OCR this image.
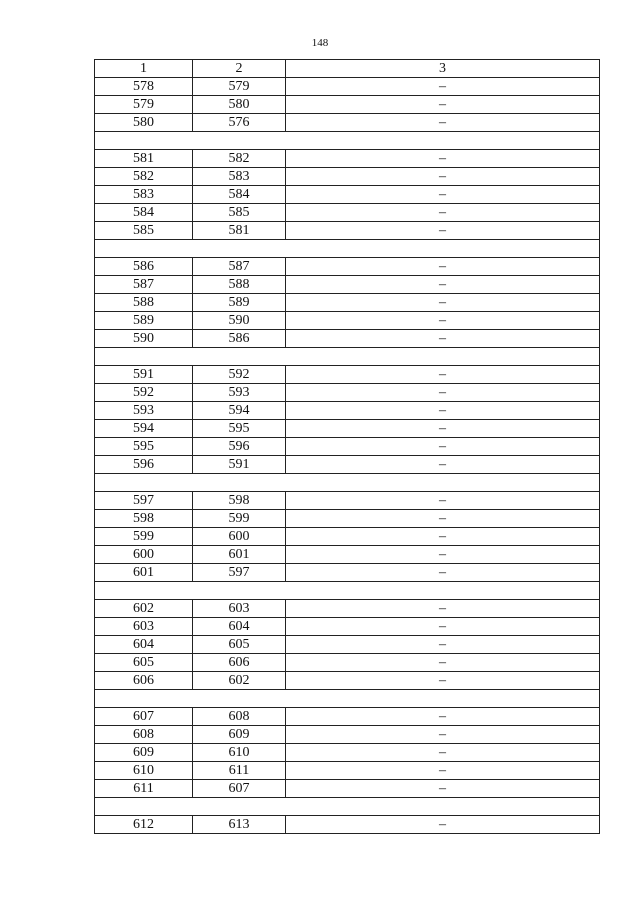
148
1	2	3
578	579	–
579	580	–
580	576	–

581	582	–
582	583	–
583	584	–
584	585	–
585	581	–

586	587	–
587	588	–
588	589	–
589	590	–
590	586	–

591	592	–
592	593	–
593	594	–
594	595	–
595	596	–
596	591	–

597	598	–
598	599	–
599	600	–
600	601	–
601	597	–

602	603	–
603	604	–
604	605	–
605	606	–
606	602	–

607	608	–
608	609	–
609	610	–
610	611	–
611	607	–

612	613	–
